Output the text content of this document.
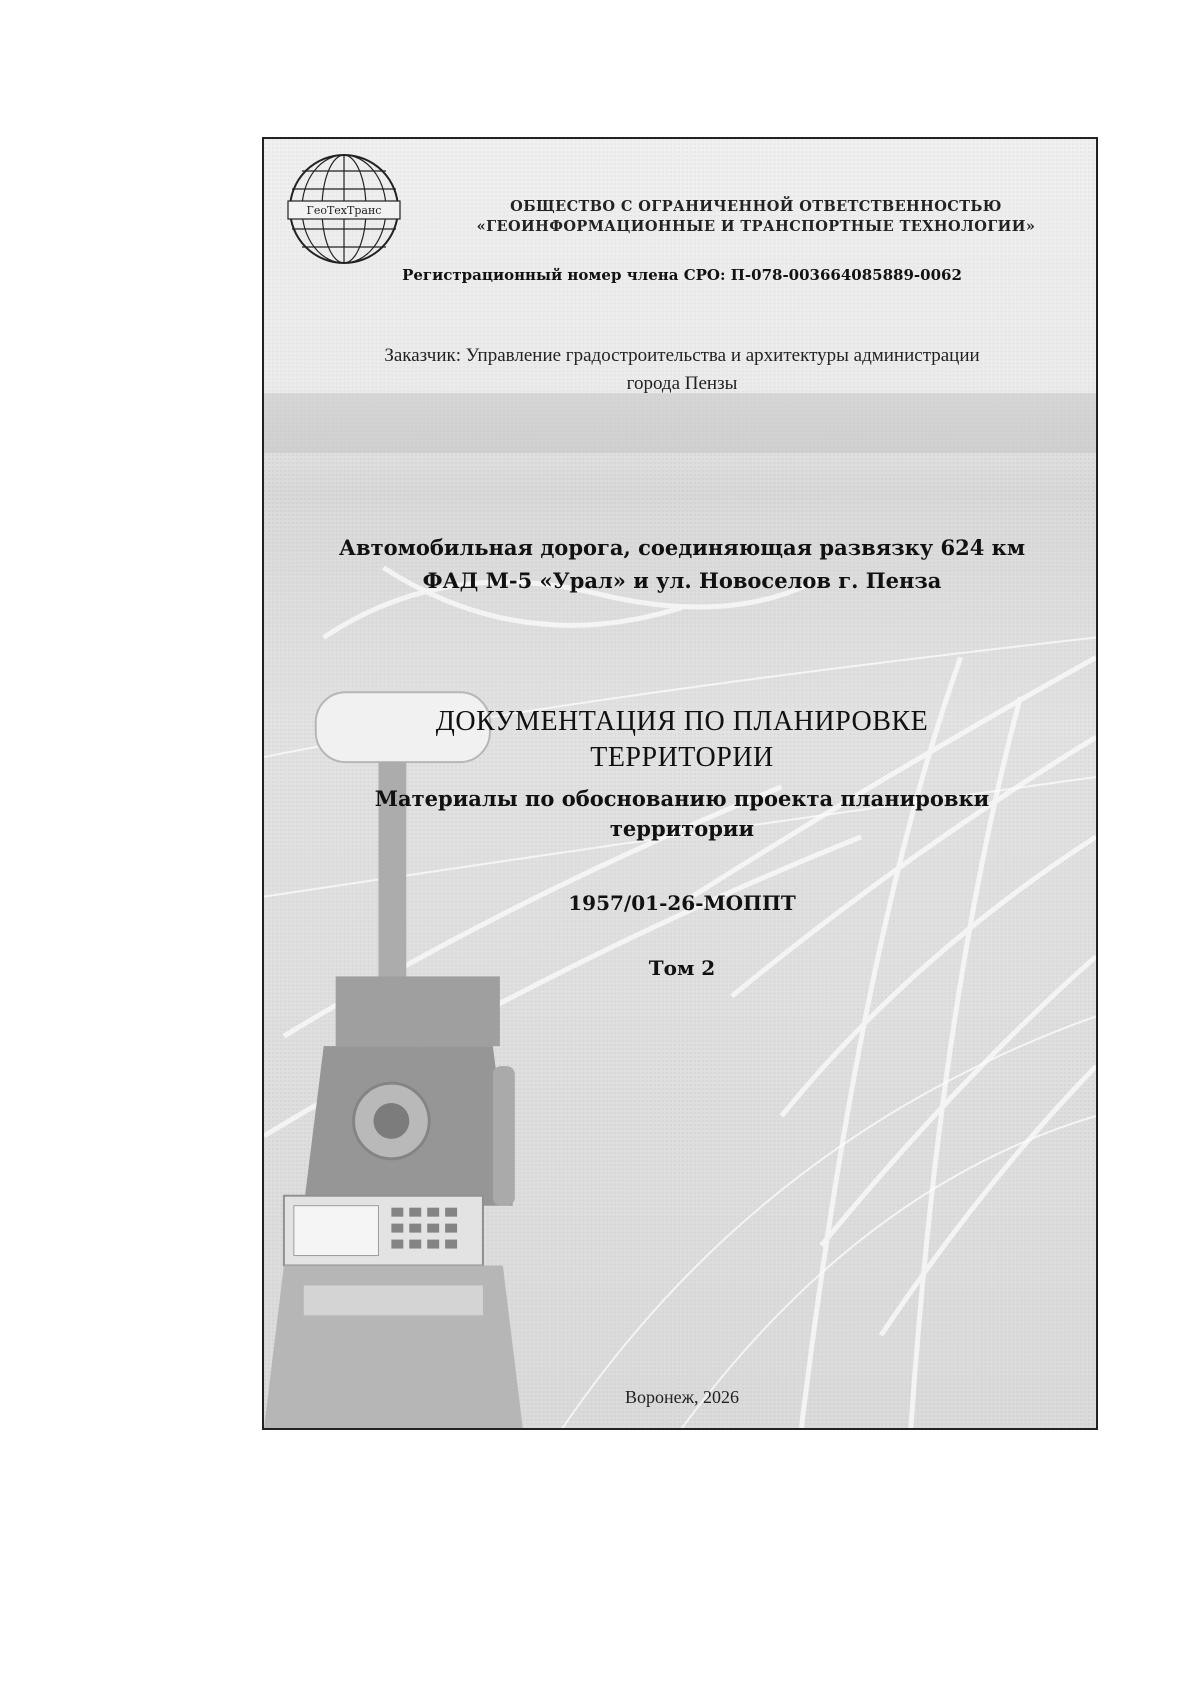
ГеоТехТранс	ОБЩЕСТВО С ОГРАНИЧЕННОЙ ОТВЕТСТВЕННОСТЬЮ
«ГЕОИНФОРМАЦИОННЫЕ И ТРАНСПОРТНЫЕ ТЕХНОЛОГИИ»
Регистрационный номер члена СРО: П-078-003664085889-0062
Заказчик: Управление градостроительства и архитектуры администрации
города Пензы
Автомобильная дорога, соединяющая развязку 624 км
ФАД М-5 «Урал» и ул. Новоселов г. Пенза
ДОКУМЕНТАЦИЯ ПО ПЛАНИРОВКЕ
ТЕРРИТОРИИ
Материалы по обоснованию проекта планировки
территории
1957/01-26-МОППТ
Том 2
Воронеж, 2026
